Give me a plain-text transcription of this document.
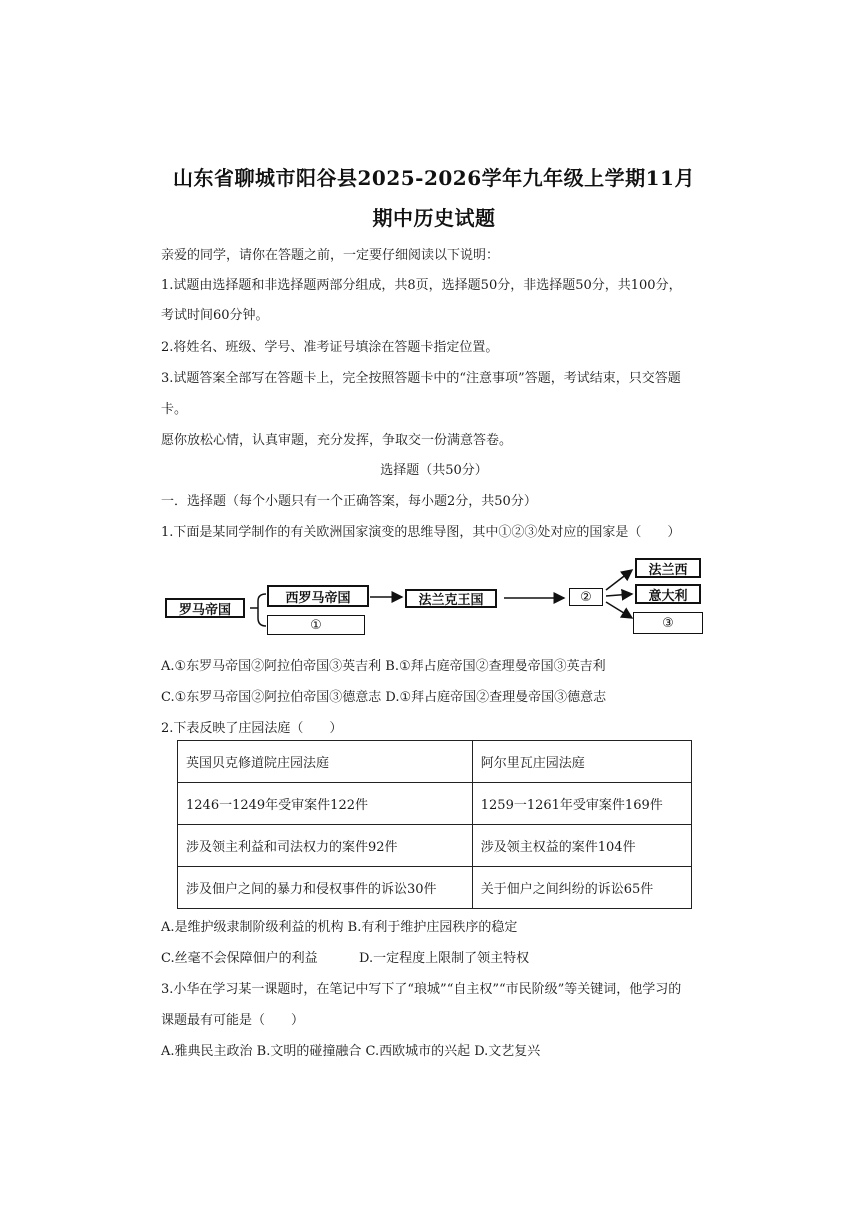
山东省聊城市阳谷县2025-2026学年九年级上学期11月
期中历史试题
亲爱的同学，请你在答题之前，一定要仔细阅读以下说明：
1.试题由选择题和非选择题两部分组成，共8页，选择题50分，非选择题50分，共100分，
考试时间60分钟。
2.将姓名、班级、学号、准考证号填涂在答题卡指定位置。
3.试题答案全部写在答题卡上，完全按照答题卡中的“注意事项”答题，考试结束，只交答题
卡。
愿你放松心情，认真审题，充分发挥，争取交一份满意答卷。
选择题（共50分）
一．选择题（每个小题只有一个正确答案，每小题2分，共50分）
1.下面是某同学制作的有关欧洲国家演变的思维导图，其中①②③处对应的国家是（　　）
罗马帝国
西罗马帝国
①
法兰克王国	②
法兰西
意大利
③
A.①东罗马帝国②阿拉伯帝国③英吉利 B.①拜占庭帝国②查理曼帝国③英吉利
C.①东罗马帝国②阿拉伯帝国③德意志 D.①拜占庭帝国②查理曼帝国③德意志
2.下表反映了庄园法庭（　　）
英国贝克修道院庄园法庭	阿尔里瓦庄园法庭
1246一1249年受审案件122件	1259一1261年受审案件169件
涉及领主利益和司法权力的案件92件	涉及领主权益的案件104件
涉及佃户之间的暴力和侵权事件的诉讼30件	关于佃户之间纠纷的诉讼65件
A.是维护级隶制阶级利益的机构 B.有利于维护庄园秩序的稳定
C.丝毫不会保障佃户的利益	D.一定程度上限制了领主特权
3.小华在学习某一课题时，在笔记中写下了“琅城”“自主权”“市民阶级”等关键词，他学习的
课题最有可能是（　　）
A.雅典民主政治 B.文明的碰撞融合 C.西欧城市的兴起 D.文艺复兴
